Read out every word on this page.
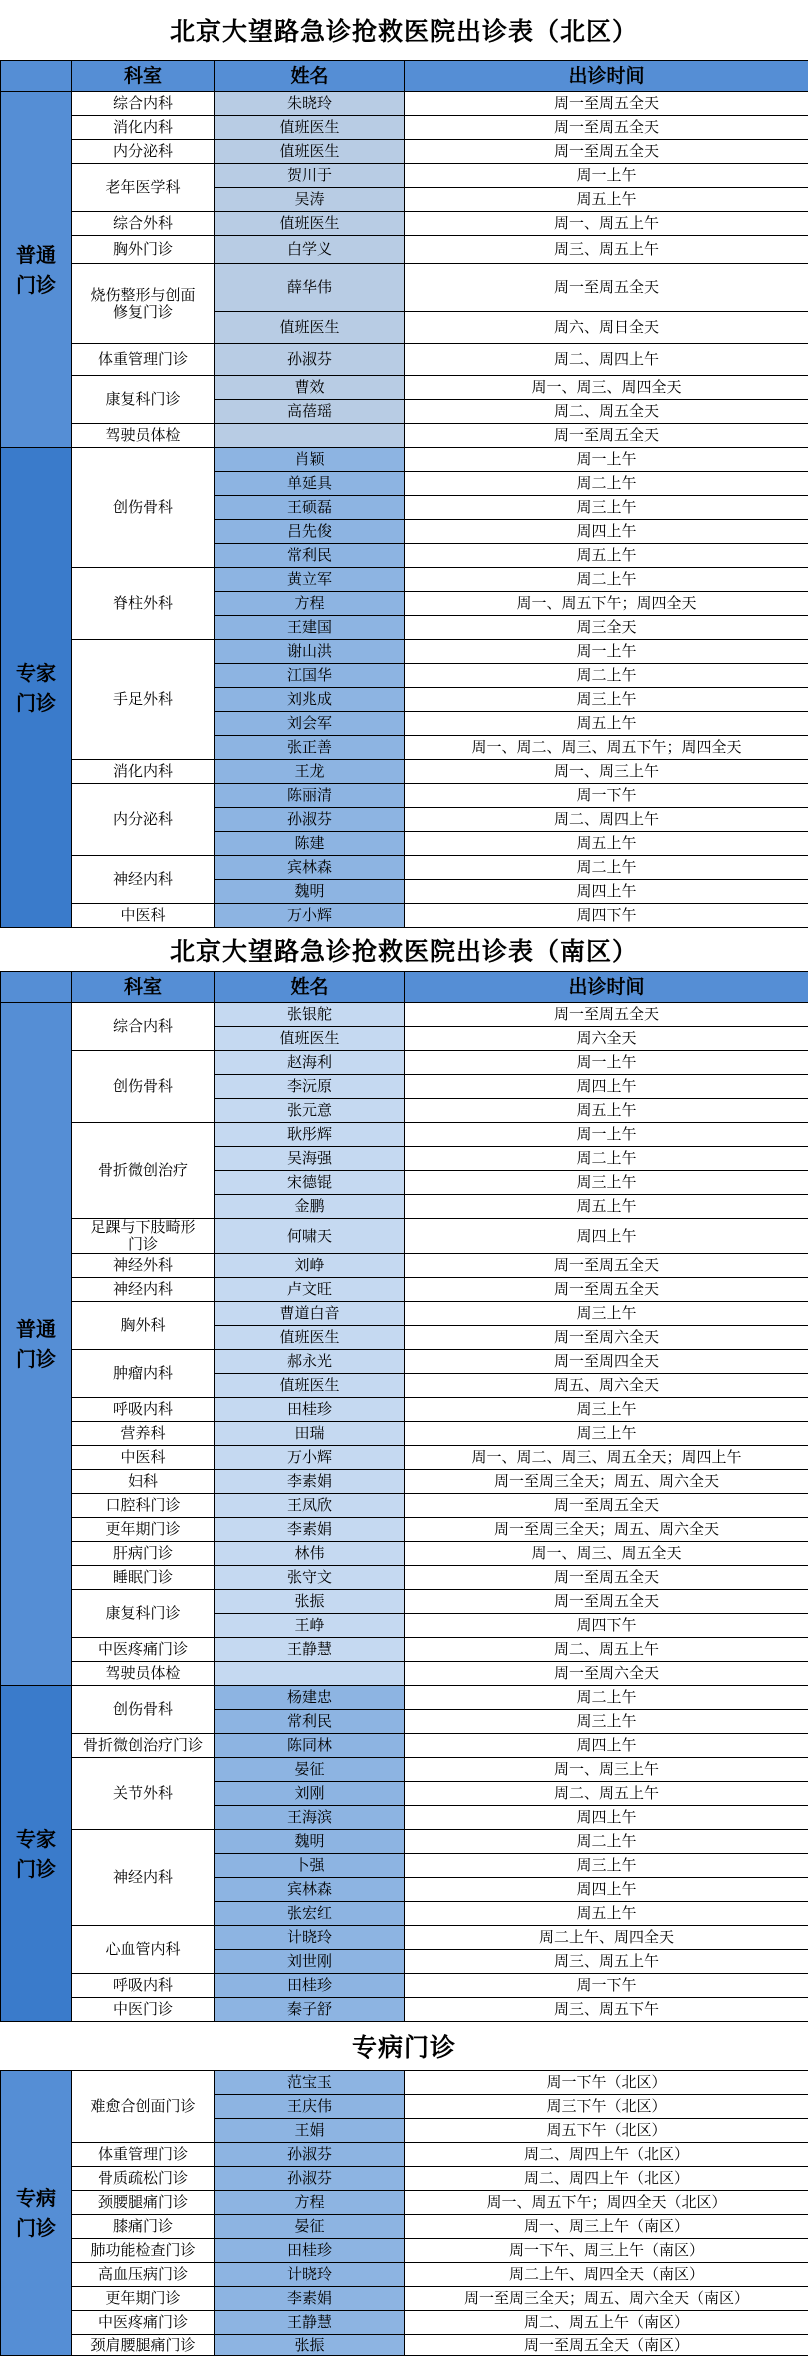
北京大望路急诊抢救医院出诊表（北区）
	科室	姓名	出诊时间

普通门诊	综合内科	朱晓玲	周一至周五全天
	消化内科	值班医生	周一至周五全天
	内分泌科	值班医生	周一至周五全天
	老年医学科	贺川于	周一上午
		吴涛	周五上午
	综合外科	值班医生	周一、周五上午
	胸外门诊	白学义	周三、周五上午
	烧伤整形与创面修复门诊	薛华伟	周一至周五全天
		值班医生	周六、周日全天
	体重管理门诊	孙淑芬	周二、周四上午
	康复科门诊	曹效	周一、周三、周四全天
		高蓓瑶	周二、周五全天
	驾驶员体检		周一至周五全天

专家门诊	创伤骨科	肖颖	周一上午
		单延具	周二上午
		王硕磊	周三上午
		吕先俊	周四上午
		常利民	周五上午
	脊柱外科	黄立军	周二上午
		方程	周一、周五下午；周四全天
		王建国	周三全天
	手足外科	谢山洪	周一上午
		江国华	周二上午
		刘兆成	周三上午
		刘会军	周五上午
		张正善	周一、周二、周三、周五下午；周四全天
	消化内科	王龙	周一、周三上午
	内分泌科	陈丽清	周一下午
		孙淑芬	周二、周四上午
		陈建	周五上午
	神经内科	宾林森	周二上午
		魏明	周四上午
	中医科	万小辉	周四下午
北京大望路急诊抢救医院出诊表（南区）
	科室	姓名	出诊时间

普通门诊	综合内科	张银舵	周一至周五全天
		值班医生	周六全天
	创伤骨科	赵海利	周一上午
		李沅原	周四上午
		张元意	周五上午
	骨折微创治疗	耿彤辉	周一上午
		吴海强	周二上午
		宋德锟	周三上午
		金鹏	周五上午
	足踝与下肢畸形门诊	何啸天	周四上午
	神经外科	刘峥	周一至周五全天
	神经内科	卢文旺	周一至周五全天
	胸外科	曹道白音	周三上午
		值班医生	周一至周六全天
	肿瘤内科	郝永光	周一至周四全天
		值班医生	周五、周六全天
	呼吸内科	田桂珍	周三上午
	营养科	田瑞	周三上午
	中医科	万小辉	周一、周二、周三、周五全天；周四上午
	妇科	李素娟	周一至周三全天；周五、周六全天
	口腔科门诊	王凤欣	周一至周五全天
	更年期门诊	李素娟	周一至周三全天；周五、周六全天
	肝病门诊	林伟	周一、周三、周五全天
	睡眠门诊	张守文	周一至周五全天
	康复科门诊	张振	周一至周五全天
		王峥	周四下午
	中医疼痛门诊	王静慧	周二、周五上午
	驾驶员体检		周一至周六全天

专家门诊	创伤骨科	杨建忠	周二上午
		常利民	周三上午
	骨折微创治疗门诊	陈同林	周四上午
	关节外科	晏征	周一、周三上午
		刘刚	周二、周五上午
		王海滨	周四上午
	神经内科	魏明	周二上午
		卜强	周三上午
		宾林森	周四上午
		张宏红	周五上午
	心血管内科	计晓玲	周二上午、周四全天
		刘世刚	周三、周五上午
	呼吸内科	田桂珍	周一下午
	中医门诊	秦子舒	周三、周五下午
专病门诊
专病门诊	难愈合创面门诊	范宝玉	周一下午（北区）
		王庆伟	周三下午（北区）
		王娟	周五下午（北区）
	体重管理门诊	孙淑芬	周二、周四上午（北区）
	骨质疏松门诊	孙淑芬	周二、周四上午（北区）
	颈腰腿痛门诊	方程	周一、周五下午；周四全天（北区）
	膝痛门诊	晏征	周一、周三上午（南区）
	肺功能检查门诊	田桂珍	周一下午、周三上午（南区）
	高血压病门诊	计晓玲	周二上午、周四全天（南区）
	更年期门诊	李素娟	周一至周三全天；周五、周六全天（南区）
	中医疼痛门诊	王静慧	周二、周五上午（南区）
	颈肩腰腿痛门诊	张振	周一至周五全天（南区）
